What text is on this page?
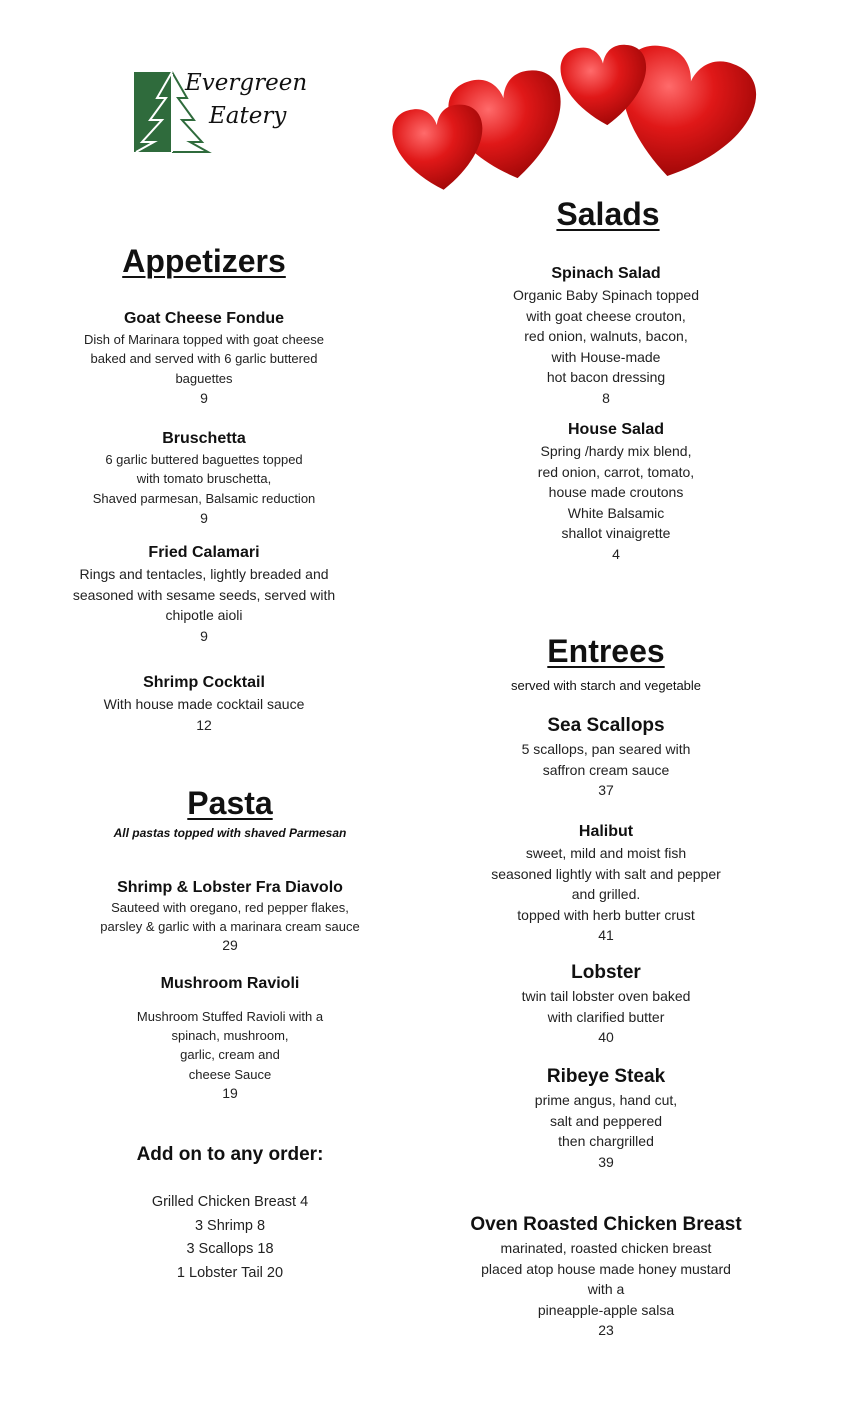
Evergreen
Eatery
Appetizers
Goat Cheese Fondue
Dish of Marinara topped with goat cheese
baked and served with 6 garlic buttered
baguettes
9
Bruschetta
6 garlic buttered baguettes topped
with tomato bruschetta,
Shaved parmesan, Balsamic reduction
9
Fried Calamari
Rings and tentacles, lightly breaded and
seasoned with sesame seeds, served with
chipotle aioli
9
Shrimp Cocktail
With house made cocktail sauce
12
Pasta
All pastas topped with shaved Parmesan
Shrimp & Lobster Fra Diavolo
Sauteed with oregano, red pepper flakes,
parsley & garlic with a marinara cream sauce
29
Mushroom Ravioli
Mushroom Stuffed Ravioli with a
spinach, mushroom,
garlic, cream and
cheese Sauce
19
Add on to any order:
Grilled Chicken Breast 4
3 Shrimp 8
3 Scallops 18
1 Lobster Tail 20
Salads
Spinach Salad
Organic Baby Spinach topped
with goat cheese crouton,
red onion, walnuts, bacon,
with House-made
hot bacon dressing
8
House Salad
Spring /hardy mix blend,
red onion, carrot, tomato,
house made croutons
White Balsamic
shallot vinaigrette
4
Entrees
served with starch and vegetable
Sea Scallops
5 scallops, pan seared with
saffron cream sauce
37
Halibut
sweet, mild and moist fish
seasoned lightly with salt and pepper
and grilled.
topped with herb butter crust
41
Lobster
twin tail lobster oven baked
with clarified butter
40
Ribeye Steak
prime angus, hand cut,
salt and peppered
then chargrilled
39
Oven Roasted Chicken Breast
marinated, roasted chicken breast
placed atop house made honey mustard
with a
pineapple-apple salsa
23
